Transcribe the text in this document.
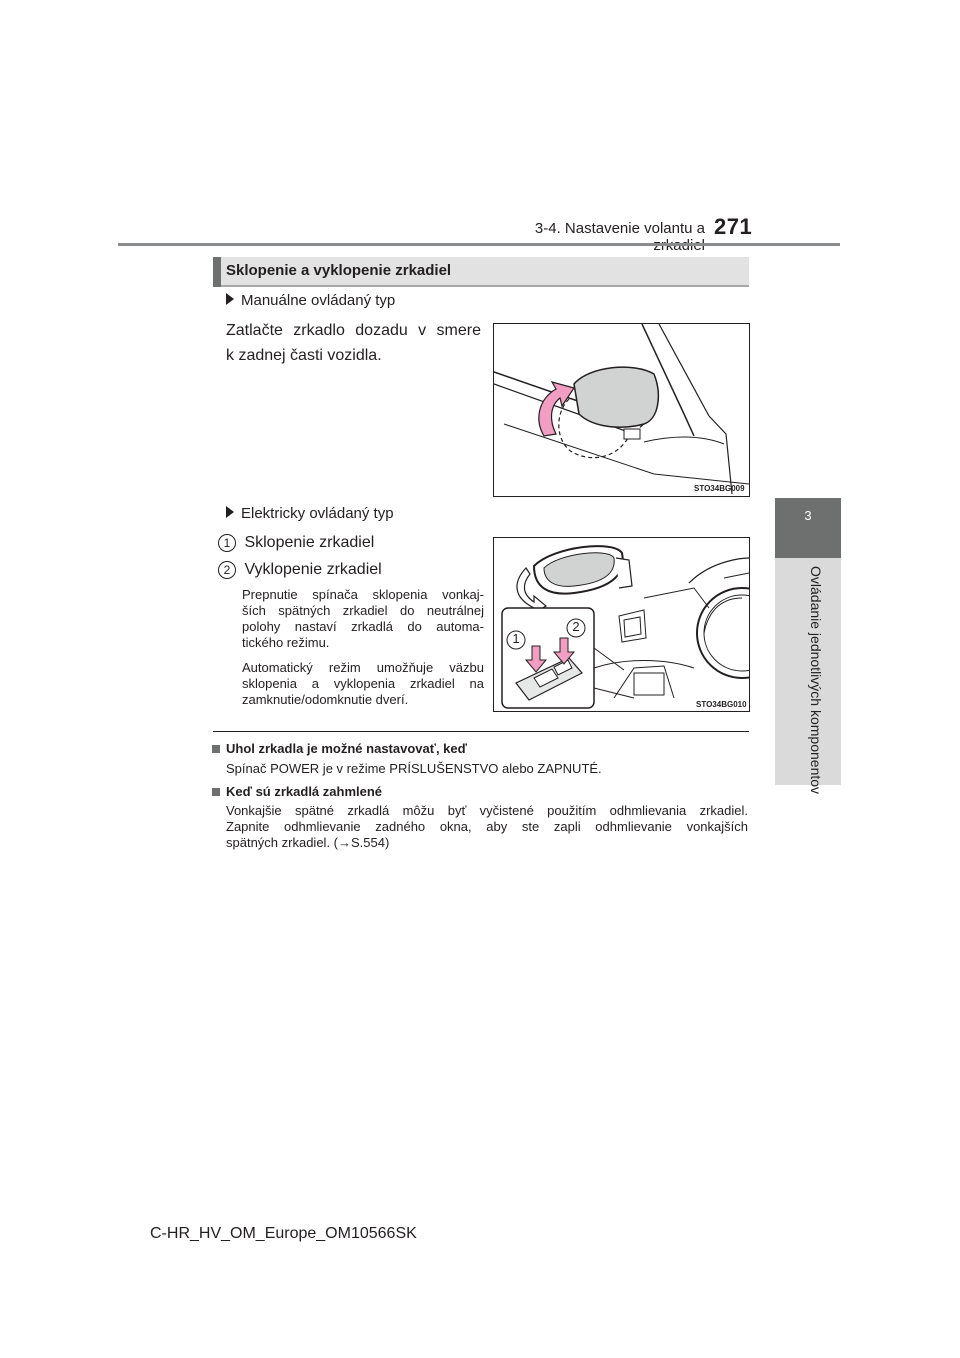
3-4. Nastavenie volantu a 271
3
Ovládanie jednotlivých komponentov
Sklopenie a vyklopenie zrkadiel
Manuálne ovládaný typ
Zatlačte zrkadlo dozadu v smere
k zadnej časti vozidla.
STO34BG009
Elektricky ovládaný typ
1 Sklopenie zrkadiel
2 Vyklopenie zrkadiel
Prepnutie spínača sklopenia vonkaj-
ších spätných zrkadiel do neutrálnej
polohy nastaví zrkadlá do automa-
tického režimu.
Automatický režim umožňuje väzbu
sklopenia a vyklopenia zrkadiel na
zamknutie/odomknutie dverí.
1
2
STO34BG010
Uhol zrkadla je možné nastavovať, keď
Spínač POWER je v režime PRÍSLUŠENSTVO alebo ZAPNUTÉ.
Keď sú zrkadlá zahmlené
Vonkajšie spätné zrkadlá môžu byť vyčistené použitím odhmlievania zrkadiel.
Zapnite odhmlievanie zadného okna, aby ste zapli odhmlievanie vonkajších
spätných zrkadiel. (→S.554)
C-HR_HV_OM_Europe_OM10566SK
